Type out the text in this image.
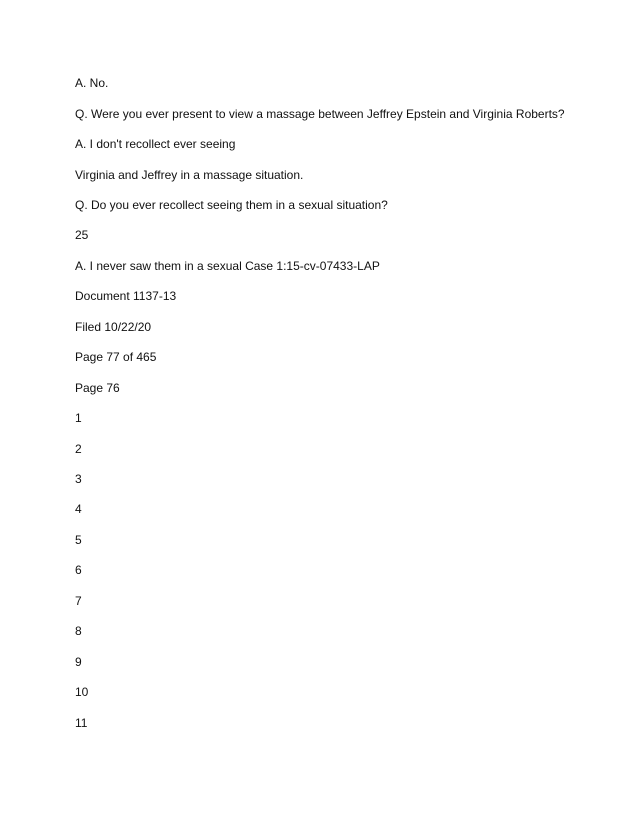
A. No.
Q. Were you ever present to view a massage between Jeffrey Epstein and Virginia Roberts?
A. I don't recollect ever seeing
Virginia and Jeffrey in a massage situation.
Q. Do you ever recollect seeing them in a sexual situation?
25
A. I never saw them in a sexual Case 1:15-cv-07433-LAP
Document 1137-13
Filed 10/22/20
Page 77 of 465
Page 76
1
2
3
4
5
6
7
8
9
10
11
